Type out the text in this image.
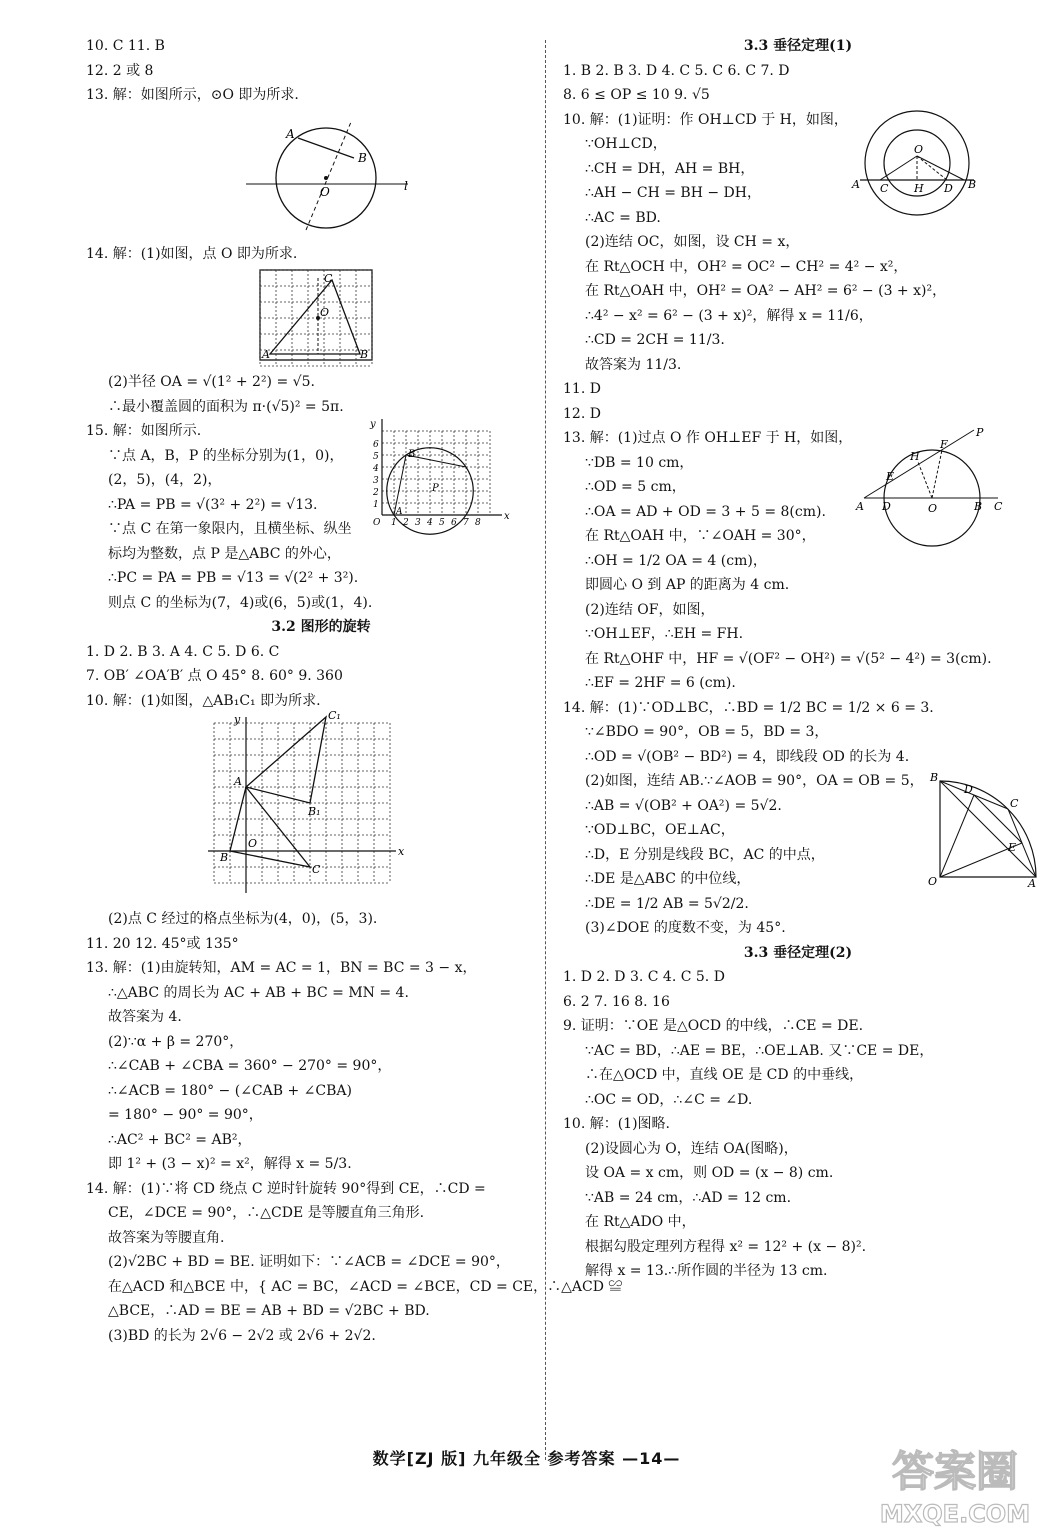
10. C 11. B
12. 2 或 8
13. 解：如图所示，⊙O 即为所求.
A
B
O	l
14. 解：(1)如图，点 O 即为所求.
C
O
A	B
(2)半径 OA = √(1² + 2²) = √5.
∴最小覆盖圆的面积为 π·(√5)² = 5π.
15. 解：如图所示.
∵点 A，B，P 的坐标分别为(1，0)，
(2，5)，(4，2)，
∴PA = PB = √(3² + 2²) = √13.
∵点 C 在第一象限内，且横坐标、纵坐
标均为整数，点 P 是△ABC 的外心，
∴PC = PA = PB = √13 = √(2² + 3²).
y
6
5
4
3
2
1
O 1 2 3 4 5 6 7 8
x
B
P
A
则点 C 的坐标为(7，4)或(6，5)或(1，4).
3.2 图形的旋转
1. D 2. B 3. A 4. C 5. D 6. C
7. OB′ ∠OA′B′ 点 O 45° 8. 60° 9. 360
10. 解：(1)如图，△AB₁C₁ 即为所求.
y	C₁
A
B₁
O
B
C
x
(2)点 C 经过的格点坐标为(4，0)，(5，3).
11. 20 12. 45°或 135°
13. 解：(1)由旋转知，AM = AC = 1，BN = BC = 3 − x，
∴△ABC 的周长为 AC + AB + BC = MN = 4.
故答案为 4.
(2)∵α + β = 270°，
∴∠CAB + ∠CBA = 360° − 270° = 90°，
∴∠ACB = 180° − (∠CAB + ∠CBA)
= 180° − 90° = 90°，
∴AC² + BC² = AB²，
即 1² + (3 − x)² = x²，解得 x = 5/3.
14. 解：(1)∵将 CD 绕点 C 逆时针旋转 90°得到 CE，∴CD =
CE，∠DCE = 90°，∴△CDE 是等腰直角三角形.
故答案为等腰直角.
(2)√2BC + BD = BE. 证明如下：∵∠ACB = ∠DCE = 90°，
在△ACD 和△BCE 中，{ AC = BC，∠ACD = ∠BCE，CD = CE，∴△ACD ≌
△BCE，∴AD = BE = AB + BD = √2BC + BD.
(3)BD 的长为 2√6 − 2√2 或 2√6 + 2√2.
3.3 垂径定理(1)
1. B 2. B 3. D 4. C 5. C 6. C 7. D
8. 6 ≤ OP ≤ 10 9. √5
10. 解：(1)证明：作 OH⊥CD 于 H，如图，
∵OH⊥CD，
∴CH = DH，AH = BH，
∴AH − CH = BH − DH，
∴AC = BD.
O
A C H D B
(2)连结 OC，如图，设 CH = x，
在 Rt△OCH 中，OH² = OC² − CH² = 4² − x²，
在 Rt△OAH 中，OH² = OA² − AH² = 6² − (3 + x)²，
∴4² − x² = 6² − (3 + x)²，解得 x = 11/6，
∴CD = 2CH = 11/3.
故答案为 11/3.
11. D
12. D
13. 解：(1)过点 O 作 OH⊥EF 于 H，如图，
∵DB = 10 cm，
∴OD = 5 cm，
∴OA = AD + OD = 3 + 5 = 8(cm).
在 Rt△OAH 中，∵∠OAH = 30°，
∴OH = 1/2 OA = 4 (cm)，
P
F
H
E
A D	O	B C
即圆心 O 到 AP 的距离为 4 cm.
(2)连结 OF，如图，
∵OH⊥EF，∴EH = FH.
在 Rt△OHF 中，HF = √(OF² − OH²) = √(5² − 4²) = 3(cm).
∴EF = 2HF = 6 (cm).
14. 解：(1)∵OD⊥BC，∴BD = 1/2 BC = 1/2 × 6 = 3.
∵∠BDO = 90°，OB = 5，BD = 3，
∴OD = √(OB² − BD²) = 4，即线段 OD 的长为 4.
(2)如图，连结 AB.∵∠AOB = 90°，OA = OB = 5，
∴AB = √(OB² + OA²) = 5√2.
∵OD⊥BC，OE⊥AC，
∴D，E 分别是线段 BC，AC 的中点，
∴DE 是△ABC 的中位线，
∴DE = 1/2 AB = 5√2/2.
B
D
C
E
O	A
(3)∠DOE 的度数不变，为 45°.
3.3 垂径定理(2)
1. D 2. D 3. C 4. C 5. D
6. 2 7. 16 8. 16
9. 证明：∵OE 是△OCD 的中线，∴CE = DE.
∵AC = BD，∴AE = BE，∴OE⊥AB. 又∵CE = DE，
∴在△OCD 中，直线 OE 是 CD 的中垂线，
∴OC = OD，∴∠C = ∠D.
10. 解：(1)图略.
(2)设圆心为 O，连结 OA(图略)，
设 OA = x cm，则 OD = (x − 8) cm.
∵AB = 24 cm，∴AD = 12 cm.
在 Rt△ADO 中，
根据勾股定理列方程得 x² = 12² + (x − 8)².
解得 x = 13.∴所作圆的半径为 13 cm.
数学[ZJ 版] 九年级全 参考答案 —14—	答案圈
MXQE.COM
